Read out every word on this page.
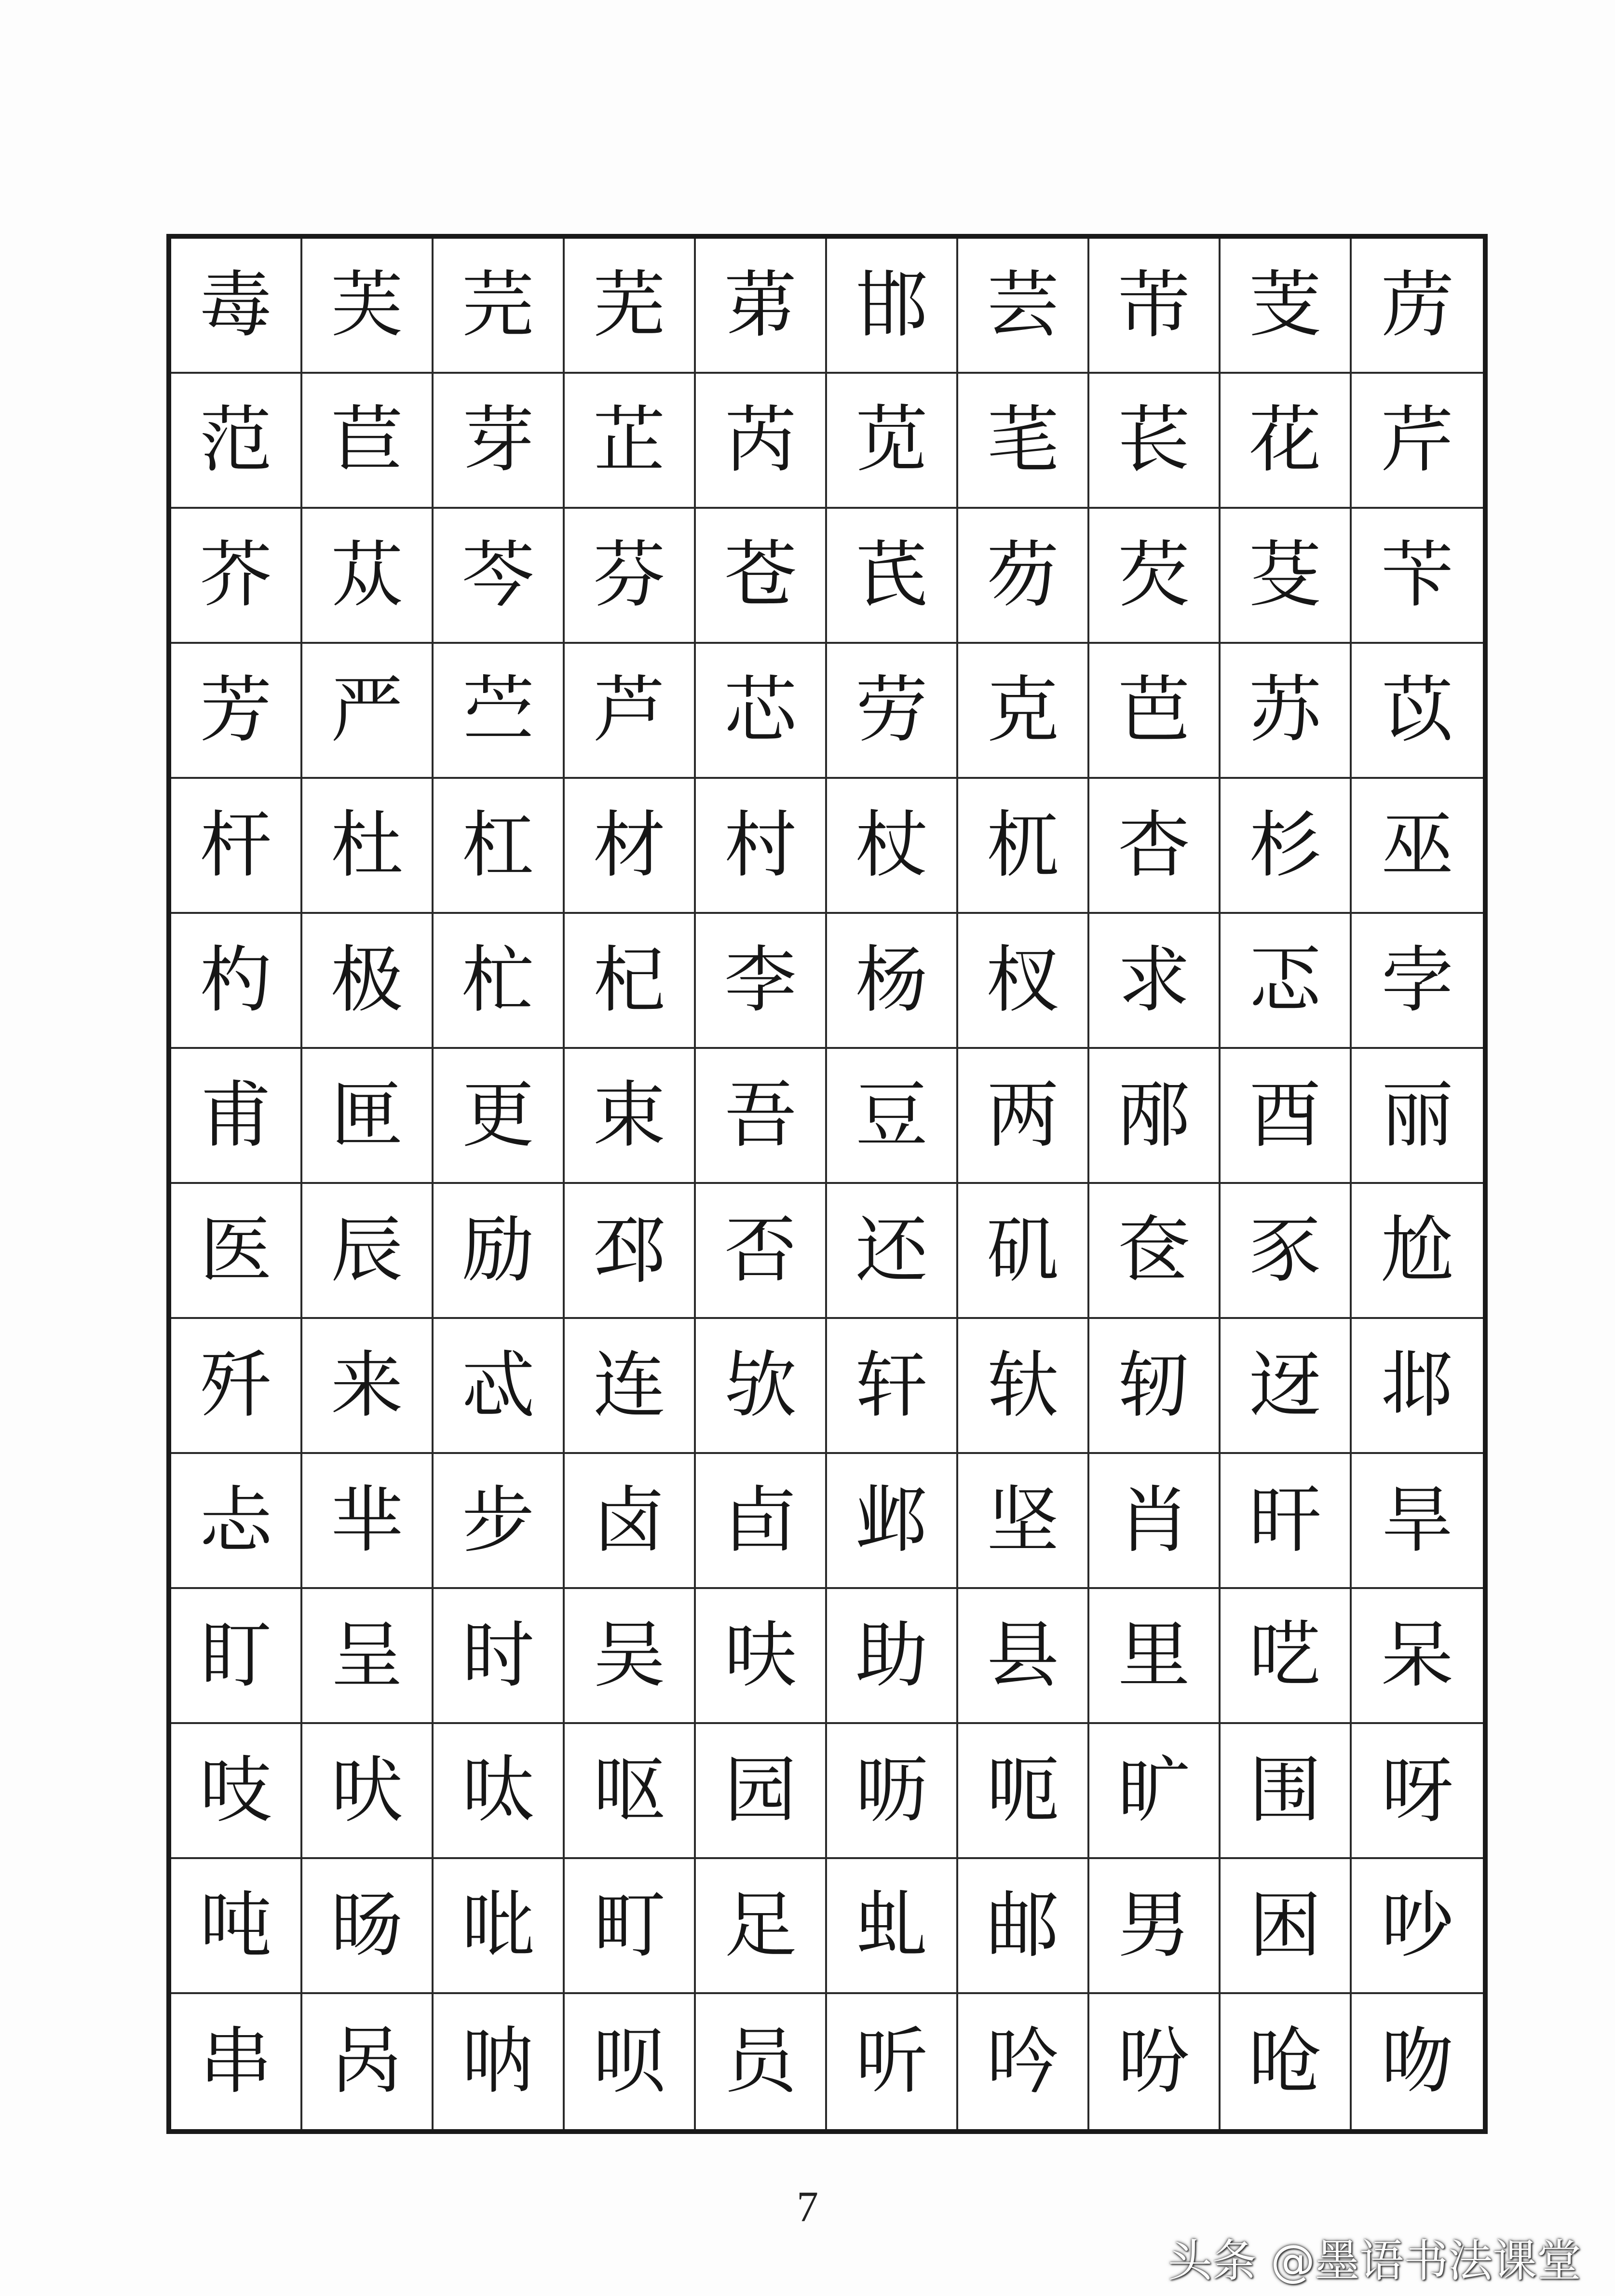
毒 芙 芫 芜 苐 邯 芸 芾 芰 苈
范 苣 芽 芷 芮 苋 芼 苌 花 芹
芥 苁 芩 芬 苍 芪 芴 芡 芟 苄
芳 严 苎 芦 芯 劳 克 芭 苏 苡
杆 杜 杠 材 村 杖 杌 杏 杉 巫
杓 极 杧 杞 李 杨 杈 求 忑 孛
甫 匣 更 束 吾 豆 两 邴 酉 丽
医 辰 励 邳 否 还 矶 奁 豕 尬
歼 来 忒 连 欤 轩 轪 轫 迓 邶
忐 芈 步 卤 卣 邺 坚 肖 旰 旱
盯 呈 时 吴 呋 助 县 里 呓 呆
吱 吠 呔 呕 园 呖 呃 旷 围 呀
吨 旸 吡 町 足 虬 邮 男 困 吵
串 呙 呐 呗 员 听 吟 吩 呛 吻
7
头条 @墨语书法课堂
